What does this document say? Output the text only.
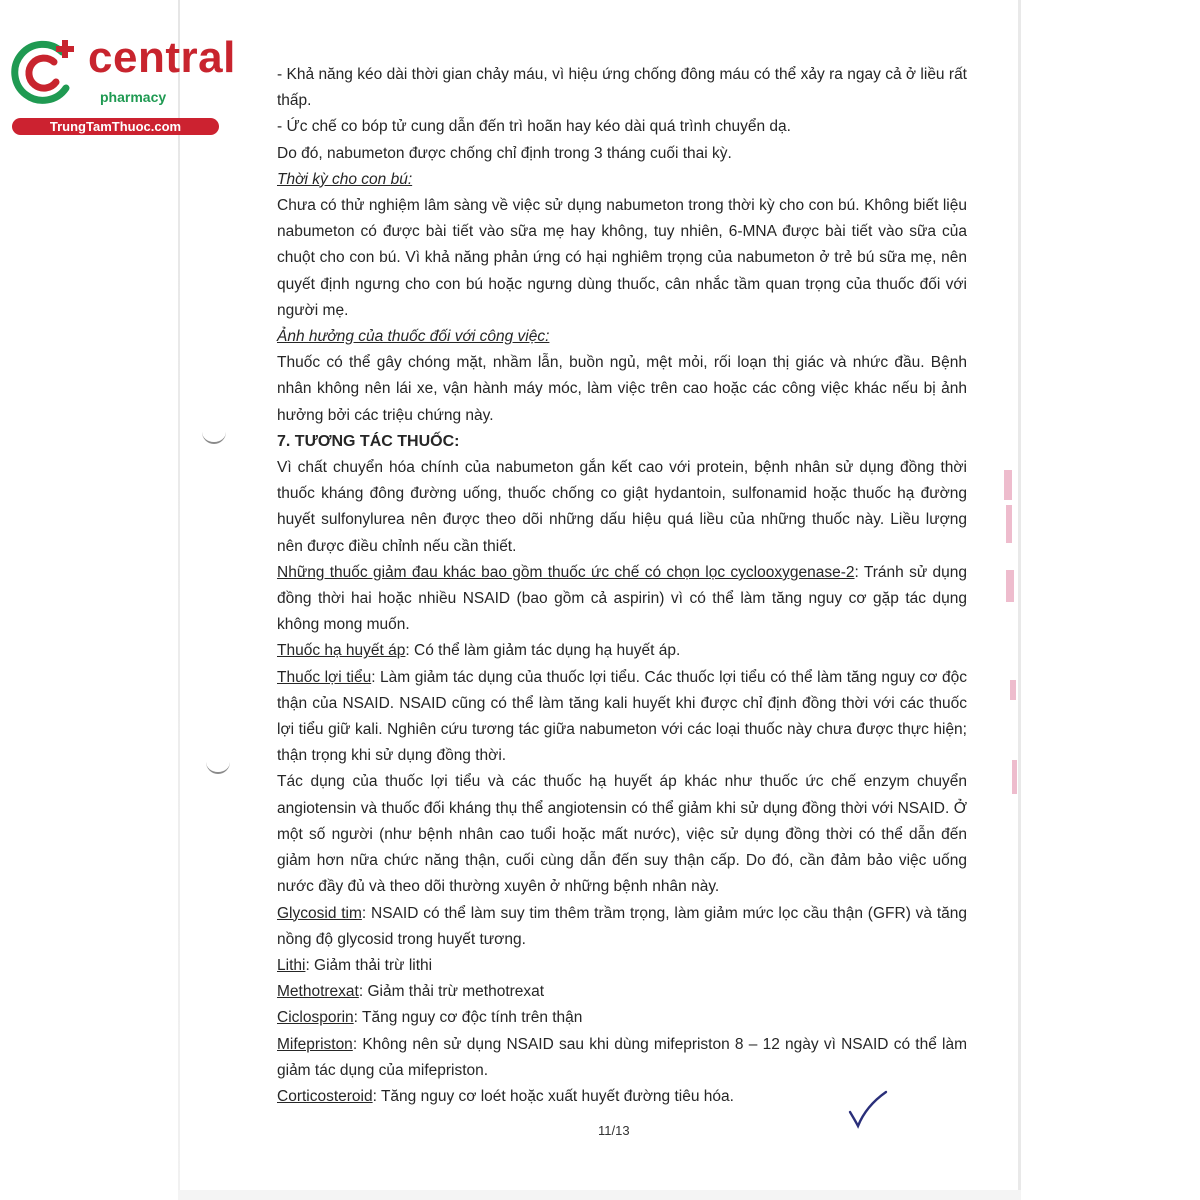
central
pharmacy
TrungTamThuoc.com

- Khả năng kéo dài thời gian chảy máu, vì hiệu ứng chống đông máu có thể xảy ra ngay cả ở liều rất thấp.

- Ức chế co bóp tử cung dẫn đến trì hoãn hay kéo dài quá trình chuyển dạ.

Do đó, nabumeton được chống chỉ định trong 3 tháng cuối thai kỳ.

Thời kỳ cho con bú:

Chưa có thử nghiệm lâm sàng về việc sử dụng nabumeton trong thời kỳ cho con bú. Không biết liệu nabumeton có được bài tiết vào sữa mẹ hay không, tuy nhiên, 6-MNA được bài tiết vào sữa của chuột cho con bú. Vì khả năng phản ứng có hại nghiêm trọng của nabumeton ở trẻ bú sữa mẹ, nên quyết định ngưng cho con bú hoặc ngưng dùng thuốc, cân nhắc tầm quan trọng của thuốc đối với người mẹ.

Ảnh hưởng của thuốc đối với công việc:

Thuốc có thể gây chóng mặt, nhầm lẫn, buồn ngủ, mệt mỏi, rối loạn thị giác và nhức đầu. Bệnh nhân không nên lái xe, vận hành máy móc, làm việc trên cao hoặc các công việc khác nếu bị ảnh hưởng bởi các triệu chứng này.

7. TƯƠNG TÁC THUỐC:

Vì chất chuyển hóa chính của nabumeton gắn kết cao với protein, bệnh nhân sử dụng đồng thời thuốc kháng đông đường uống, thuốc chống co giật hydantoin, sulfonamid hoặc thuốc hạ đường huyết sulfonylurea nên được theo dõi những dấu hiệu quá liều của những thuốc này. Liều lượng nên được điều chỉnh nếu cần thiết.

Những thuốc giảm đau khác bao gồm thuốc ức chế có chọn lọc cyclooxygenase-2: Tránh sử dụng đồng thời hai hoặc nhiều NSAID (bao gồm cả aspirin) vì có thể làm tăng nguy cơ gặp tác dụng không mong muốn.

Thuốc hạ huyết áp: Có thể làm giảm tác dụng hạ huyết áp.

Thuốc lợi tiểu: Làm giảm tác dụng của thuốc lợi tiểu. Các thuốc lợi tiểu có thể làm tăng nguy cơ độc thận của NSAID. NSAID cũng có thể làm tăng kali huyết khi được chỉ định đồng thời với các thuốc lợi tiểu giữ kali. Nghiên cứu tương tác giữa nabumeton với các loại thuốc này chưa được thực hiện; thận trọng khi sử dụng đồng thời.

Tác dụng của thuốc lợi tiểu và các thuốc hạ huyết áp khác như thuốc ức chế enzym chuyển angiotensin và thuốc đối kháng thụ thể angiotensin có thể giảm khi sử dụng đồng thời với NSAID. Ở một số người (như bệnh nhân cao tuổi hoặc mất nước), việc sử dụng đồng thời có thể dẫn đến giảm hơn nữa chức năng thận, cuối cùng dẫn đến suy thận cấp. Do đó, cần đảm bảo việc uống nước đầy đủ và theo dõi thường xuyên ở những bệnh nhân này.

Glycosid tim: NSAID có thể làm suy tim thêm trầm trọng, làm giảm mức lọc cầu thận (GFR) và tăng nồng độ glycosid trong huyết tương.

Lithi: Giảm thải trừ lithi

Methotrexat: Giảm thải trừ methotrexat

Ciclosporin: Tăng nguy cơ độc tính trên thận

Mifepriston: Không nên sử dụng NSAID sau khi dùng mifepriston 8 – 12 ngày vì NSAID có thể làm giảm tác dụng của mifepriston.

Corticosteroid: Tăng nguy cơ loét hoặc xuất huyết đường tiêu hóa.

11/13
